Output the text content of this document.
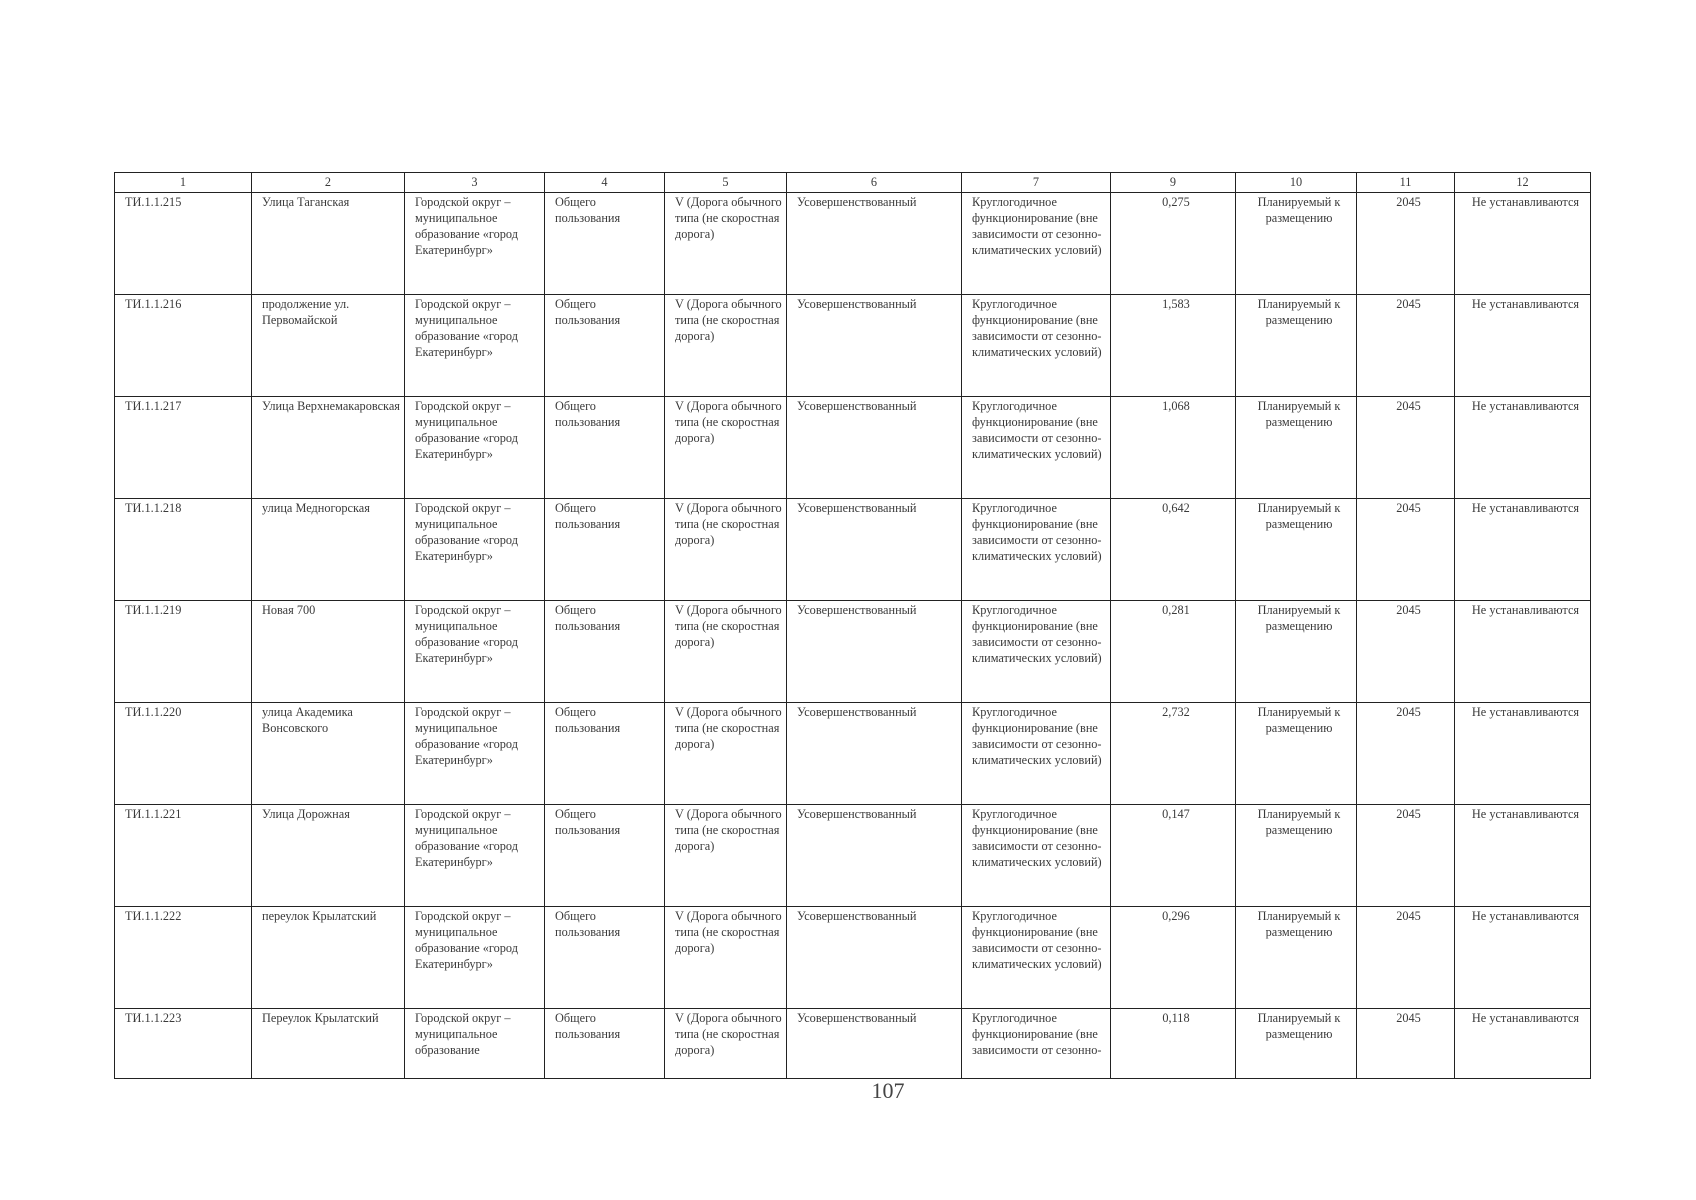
1	2	3	4	5	6	7	9	10	11	12
ТИ.1.1.215	Улица Таганская	Городской округ – муниципальное образование «город Екатеринбург»	Общего пользования	V (Дорога обычного типа (не скоростная дорога)	Усовершенствованный	Круглогодичное функционирование (вне зависимости от сезонно-климатических условий)	0,275	Планируемый к размещению	2045	Не устанавливаются
ТИ.1.1.216	продолжение ул. Первомайской	Городской округ – муниципальное образование «город Екатеринбург»	Общего пользования	V (Дорога обычного типа (не скоростная дорога)	Усовершенствованный	Круглогодичное функционирование (вне зависимости от сезонно-климатических условий)	1,583	Планируемый к размещению	2045	Не устанавливаются
ТИ.1.1.217	Улица Верхнемакаровская	Городской округ – муниципальное образование «город Екатеринбург»	Общего пользования	V (Дорога обычного типа (не скоростная дорога)	Усовершенствованный	Круглогодичное функционирование (вне зависимости от сезонно-климатических условий)	1,068	Планируемый к размещению	2045	Не устанавливаются
ТИ.1.1.218	улица Медногорская	Городской округ – муниципальное образование «город Екатеринбург»	Общего пользования	V (Дорога обычного типа (не скоростная дорога)	Усовершенствованный	Круглогодичное функционирование (вне зависимости от сезонно-климатических условий)	0,642	Планируемый к размещению	2045	Не устанавливаются
ТИ.1.1.219	Новая 700	Городской округ – муниципальное образование «город Екатеринбург»	Общего пользования	V (Дорога обычного типа (не скоростная дорога)	Усовершенствованный	Круглогодичное функционирование (вне зависимости от сезонно-климатических условий)	0,281	Планируемый к размещению	2045	Не устанавливаются
ТИ.1.1.220	улица Академика Вонсовского	Городской округ – муниципальное образование «город Екатеринбург»	Общего пользования	V (Дорога обычного типа (не скоростная дорога)	Усовершенствованный	Круглогодичное функционирование (вне зависимости от сезонно-климатических условий)	2,732	Планируемый к размещению	2045	Не устанавливаются
ТИ.1.1.221	Улица Дорожная	Городской округ – муниципальное образование «город Екатеринбург»	Общего пользования	V (Дорога обычного типа (не скоростная дорога)	Усовершенствованный	Круглогодичное функционирование (вне зависимости от сезонно-климатических условий)	0,147	Планируемый к размещению	2045	Не устанавливаются
ТИ.1.1.222	переулок Крылатский	Городской округ – муниципальное образование «город Екатеринбург»	Общего пользования	V (Дорога обычного типа (не скоростная дорога)	Усовершенствованный	Круглогодичное функционирование (вне зависимости от сезонно-климатических условий)	0,296	Планируемый к размещению	2045	Не устанавливаются
ТИ.1.1.223	Переулок Крылатский	Городской округ – муниципальное образование	Общего пользования	V (Дорога обычного типа (не скоростная дорога)	Усовершенствованный	Круглогодичное функционирование (вне зависимости от сезонно-	0,118	Планируемый к размещению	2045	Не устанавливаются
107
